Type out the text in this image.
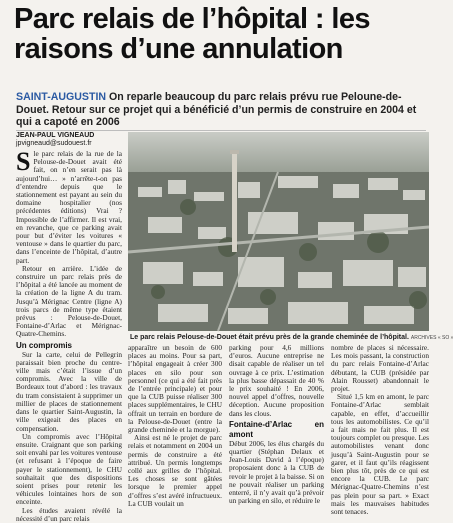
Parc relais de l’hôpital : les
raisons d’une annulation
SAINT-AUGUSTIN On reparle beaucoup du parc relais prévu rue Peloune-de-Douet. Retour sur ce projet qui a bénéficié d’un permis de construire en 2004 et qui a capoté en 2006
JEAN-PAUL VIGNEAUD
jpvigneaud@sudouest.fr

Sle parc relais de la rue de la Pelouse-de-Douet avait été fait, on n’en serait pas là aujourd’hui… » n’arrête-t-on pas d’entendre depuis que le stationnement est payant au sein du domaine hospitalier (nos précédentes éditions) Vrai ? Impossible de l’affirmer. Il est vrai, en revanche, que ce parking avait pour but d’éviter les voitures « ventouse » dans le quartier du parc, dans l’enceinte de l’hôpital, d’autre part.

Retour en arrière. L’idée de construire un parc relais près de l’hôpital a été lancée au moment de la création de la ligne A du tram. Jusqu’à Mérignac Centre (ligne A) trois parcs de même type étaient prévus : Pelouse-de-Douet, Fontaine-d’Arlac et Mérignac-Quatre-Chemins.

Un compromis

Sur la carte, celui de Pellegrin paraissait bien proche du centre-ville mais c’était l’issue d’un compromis. Avec la ville de Bordeaux tout d’abord : les travaux du tram consistaient à supprimer un millier de places de stationnement dans le quartier Saint-Augustin, la ville exigeait des places en compensation.

Un compromis avec l’Hôpital ensuite. Craignant que son parking soit envahi par les voitures ventouse (et refusant à l’époque de faire payer le stationnement), le CHU souhaitait que des dispositions soient prises pour retenir les véhicules lointaines hors de son enceinte.

Les études avaient révélé la nécessité d’un parc relais

Le parc relais Pelouse-de-Douet était prévu près de la grande cheminée de l’hôpital. ARCHIVES « SO »

apparaître un besoin de 600 places au moins. Pour sa part, l’hôpital engageait à créer 300 places en silo pour son personnel (ce qui a été fait près de l’entrée principale) et pour que la CUB puisse réaliser 300 places supplémentaires, le CHU offrait un terrain en bordure de la Pelouse-de-Douet (entre la grande cheminée et la morgue).

Ainsi est né le projet de parc relais et notamment en 2004 un permis de construire a été attribué. Un permis longtemps collé aux grilles de l’hôpital. Les choses se sont gâtées lorsque le premier appel d’offres s’est avéré infructueux. La CUB voulait un

parking pour 4,6 millions d’euros. Aucune entreprise ne disait capable de réaliser un tel ouvrage à ce prix. L’estimation la plus basse dépassait de 40 % le prix souhaité ! En 2006, nouvel appel d’offres, nouvelle déception. Aucune proposition dans les clous.

Fontaine-d’Arlac en amont

Début 2006, les élus chargés du quartier (Stéphan Delaux et Jean-Louis David à l’époque) proposaient donc à la CUB de revoir le projet à la baisse. Si on ne pouvait réaliser un parking enterré, il n’y avait qu’à prévoir un parking en silo, et réduire le

nombre de places si nécessaire. Les mois passant, la construction du parc relais Fontaine-d’Arlac débutant, la CUB (présidée par Alain Rousset) abandonnait le projet.

Situé 1,5 km en amont, le parc Fontaine-d’Arlac semblait capable, en effet, d’accueillir tous les automobilistes. Ce qu’il a fait mais ne fait plus. Il est toujours complet ou presque. Les automobilistes venant donc jusqu’à Saint-Augustin pour se garer, et il faut qu’ils réagissent bien plus tôt, près de ce qui est encore la CUB. Le parc Mérignac-Quatre-Chemins n’est pas plein pour sa part. » Exact mais les mauvaises habitudes sont tenaces.
